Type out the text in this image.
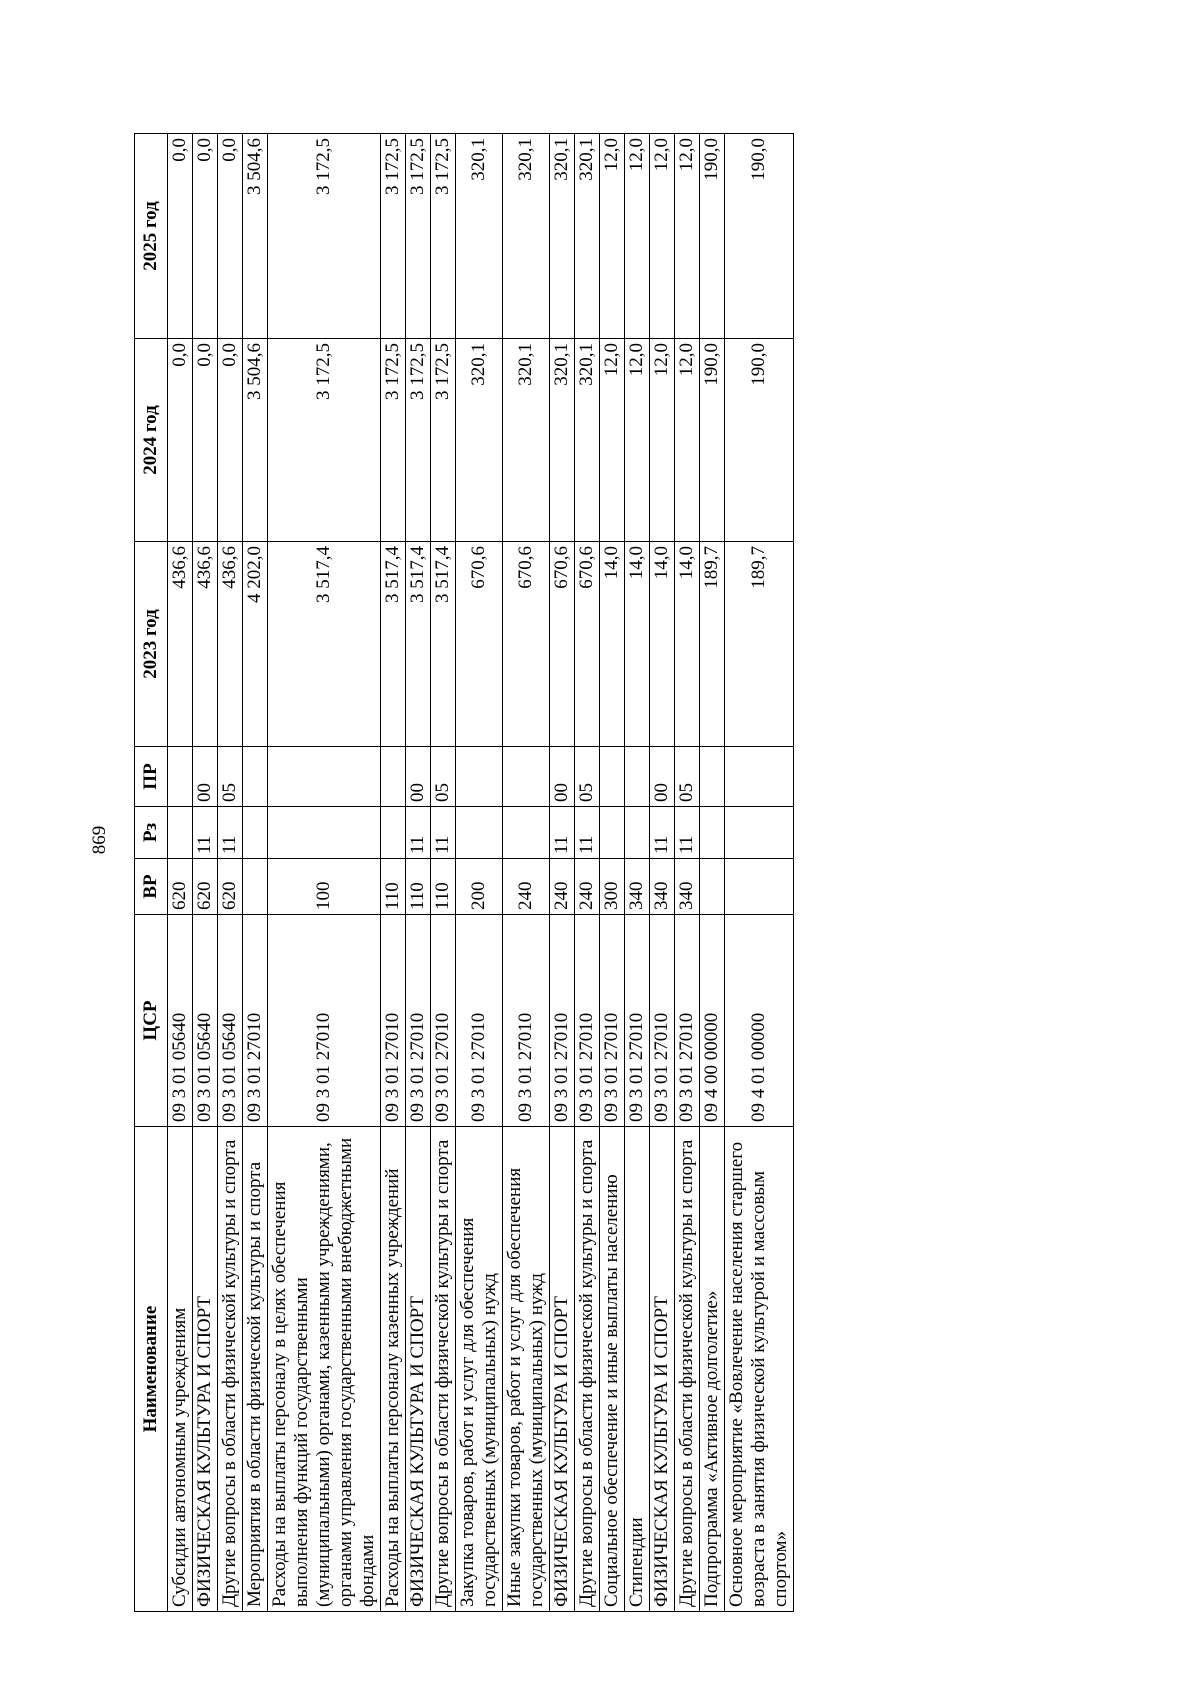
869
Наименование	ЦСР	ВР	Рз	ПР	2023 год	2024 год	2025 год
Субсидии автономным учреждениям	09 3 01 05640	620			436,6	0,0	0,0
ФИЗИЧЕСКАЯ КУЛЬТУРА И СПОРТ	09 3 01 05640	620	11	00	436,6	0,0	0,0
Другие вопросы в области физической культуры и спорта	09 3 01 05640	620	11	05	436,6	0,0	0,0
Мероприятия в области физической культуры и спорта	09 3 01 27010				4 202,0	3 504,6	3 504,6
Расходы на выплаты персоналу в целях обеспечения выполнения функций государственными (муниципальными) органами, казенными учреждениями, органами управления государственными внебюджетными фондами	09 3 01 27010	100			3 517,4	3 172,5	3 172,5
Расходы на выплаты персоналу казенных учреждений	09 3 01 27010	110			3 517,4	3 172,5	3 172,5
ФИЗИЧЕСКАЯ КУЛЬТУРА И СПОРТ	09 3 01 27010	110	11	00	3 517,4	3 172,5	3 172,5
Другие вопросы в области физической культуры и спорта	09 3 01 27010	110	11	05	3 517,4	3 172,5	3 172,5
Закупка товаров, работ и услуг для обеспечения государственных (муниципальных) нужд	09 3 01 27010	200			670,6	320,1	320,1
Иные закупки товаров, работ и услуг для обеспечения государственных (муниципальных) нужд	09 3 01 27010	240			670,6	320,1	320,1
ФИЗИЧЕСКАЯ КУЛЬТУРА И СПОРТ	09 3 01 27010	240	11	00	670,6	320,1	320,1
Другие вопросы в области физической культуры и спорта	09 3 01 27010	240	11	05	670,6	320,1	320,1
Социальное обеспечение и иные выплаты населению	09 3 01 27010	300			14,0	12,0	12,0
Стипендии	09 3 01 27010	340			14,0	12,0	12,0
ФИЗИЧЕСКАЯ КУЛЬТУРА И СПОРТ	09 3 01 27010	340	11	00	14,0	12,0	12,0
Другие вопросы в области физической культуры и спорта	09 3 01 27010	340	11	05	14,0	12,0	12,0
Подпрограмма «Активное долголетие»	09 4 00 00000				189,7	190,0	190,0
Основное мероприятие «Вовлечение населения старшего возраста в занятия физической культурой и массовым спортом»	09 4 01 00000				189,7	190,0	190,0
